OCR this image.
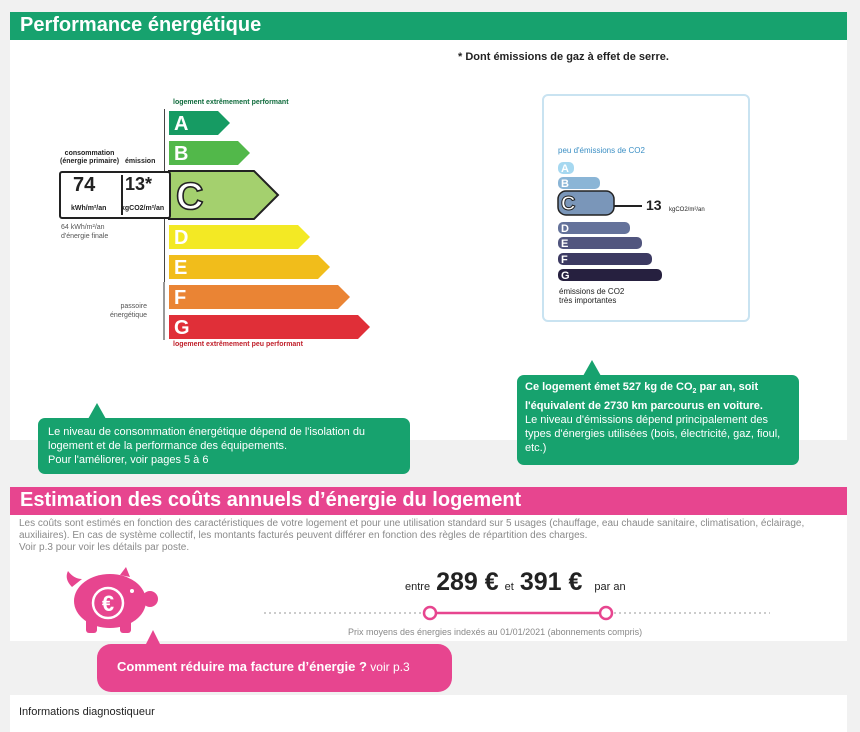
Performance énergétique
* Dont émissions de gaz à effet de serre.
logement extrêmement performant
A
B
C
D
E
F
G
logement extrêmement peu performant
consommation
(énergie primaire) émission
74 13*
kWh/m²/an kgCO2/m²/an
64 kWh/m²/an
d'énergie finale
passoire
énergétique
peu d'émissions de CO2
A
B
C
D
E
F
G
13 kgCO2/m²/an
émissions de CO2
très importantes
Le niveau de consommation énergétique dépend de l'isolation du logement et de la performance des équipements.
Pour l'améliorer, voir pages 5 à 6
Ce logement émet 527 kg de $CO_2$ par an, soit l'équivalent de 2730 km parcourus en voiture.
Le niveau d'émissions dépend principalement des types d'énergies utilisées (bois, électricité, gaz, fioul, etc.)
Estimation des coûts annuels d’énergie du logement
Les coûts sont estimés en fonction des caractéristiques de votre logement et pour une utilisation standard sur 5 usages (chauffage, eau chaude sanitaire, climatisation, éclairage, auxiliaires). En cas de système collectif, les montants facturés peuvent différer en fonction des règles de répartition des charges.
Voir p.3 pour voir les détails par poste.
€
entre 289 € et 391 € par an
Prix moyens des énergies indexés au 01/01/2021 (abonnements compris)
Comment réduire ma facture d’énergie ? voir p.3
Informations diagnostiqueur
